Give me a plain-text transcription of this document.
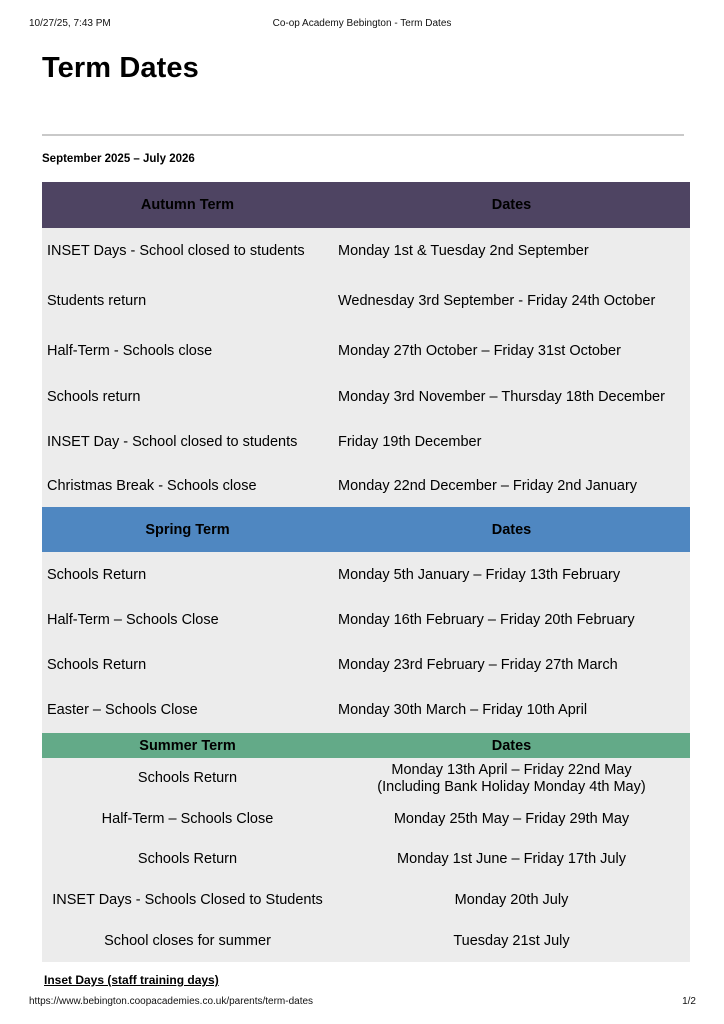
10/27/25, 7:43 PM	Co-op Academy Bebington - Term Dates
Term Dates
September 2025 – July 2026
Autumn Term	Dates
INSET Days - School closed to students	Monday 1st & Tuesday 2nd September
Students return	Wednesday 3rd September - Friday 24th October
Half-Term - Schools close	Monday 27th October – Friday 31st October
Schools return	Monday 3rd November – Thursday 18th December
INSET Day - School closed to students	Friday 19th December
Christmas Break - Schools close	Monday 22nd December – Friday 2nd January
Spring Term	Dates
Schools Return	Monday 5th January – Friday 13th February
Half-Term – Schools Close	Monday 16th February – Friday 20th February
Schools Return	Monday 23rd February – Friday 27th March
Easter – Schools Close	Monday 30th March – Friday 10th April
Summer Term	Dates
Schools Return	Monday 13th April – Friday 22nd May
(Including Bank Holiday Monday 4th May)

Half-Term – Schools Close	Monday 25th May – Friday 29th May
Schools Return	Monday 1st June – Friday 17th July
INSET Days - Schools Closed to Students	Monday 20th July
School closes for summer	Tuesday 21st July
Inset Days (staff training days)
https://www.bebington.coopacademies.co.uk/parents/term-dates	1/2
